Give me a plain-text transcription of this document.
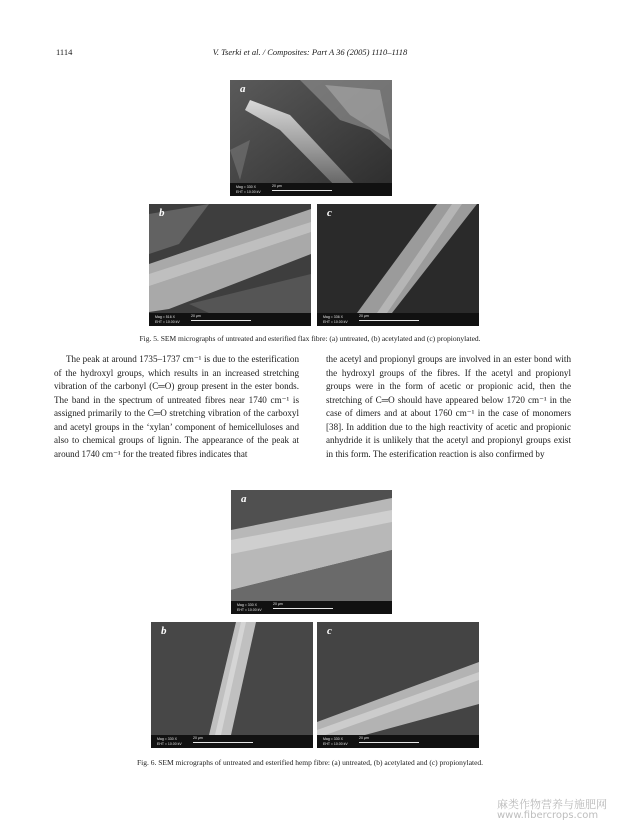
1114	V. Tserki et al. / Composites: Part A 36 (2005) 1110–1118
a
Mag = 330 X
EHT = 10.00 kV
20 μm
b
Mag = 516 X
EHT = 10.00 kV
20 μm
c
Mag = 336 X
EHT = 10.00 kV
20 μm
Fig. 5. SEM micrographs of untreated and esterified flax fibre: (a) untreated, (b) acetylated and (c) propionylated.

The peak at around 1735–1737 cm⁻¹ is due to the esterification of the hydroxyl groups, which results in an increased stretching vibration of the carbonyl (C═O) group present in the ester bonds. The band in the spectrum of untreated fibres near 1740 cm⁻¹ is assigned primarily to the C═O stretching vibration of the carboxyl and acetyl groups in the ‘xylan’ component of hemicelluloses and also to chemical groups of lignin. The appearance of the peak at around 1740 cm⁻¹ for the treated fibres indicates that

the acetyl and propionyl groups are involved in an ester bond with the hydroxyl groups of the fibres. If the acetyl and propionyl groups were in the form of acetic or propionic acid, then the stretching of C═O should have appeared below 1720 cm⁻¹ in the case of dimers and at about 1760 cm⁻¹ in the case of monomers [38]. In addition due to the high reactivity of acetic and propionic anhydride it is unlikely that the acetyl and propionyl groups exist in this form. The esterification reaction is also confirmed by

a
Mag = 330 X
EHT = 10.00 kV
20 μm
b
Mag = 330 X
EHT = 10.00 kV
20 μm
c
Mag = 330 X
EHT = 10.00 kV
20 μm
Fig. 6. SEM micrographs of untreated and esterified hemp fibre: (a) untreated, (b) acetylated and (c) propionylated.
麻类作物营养与施肥网
www.fibercrops.com
